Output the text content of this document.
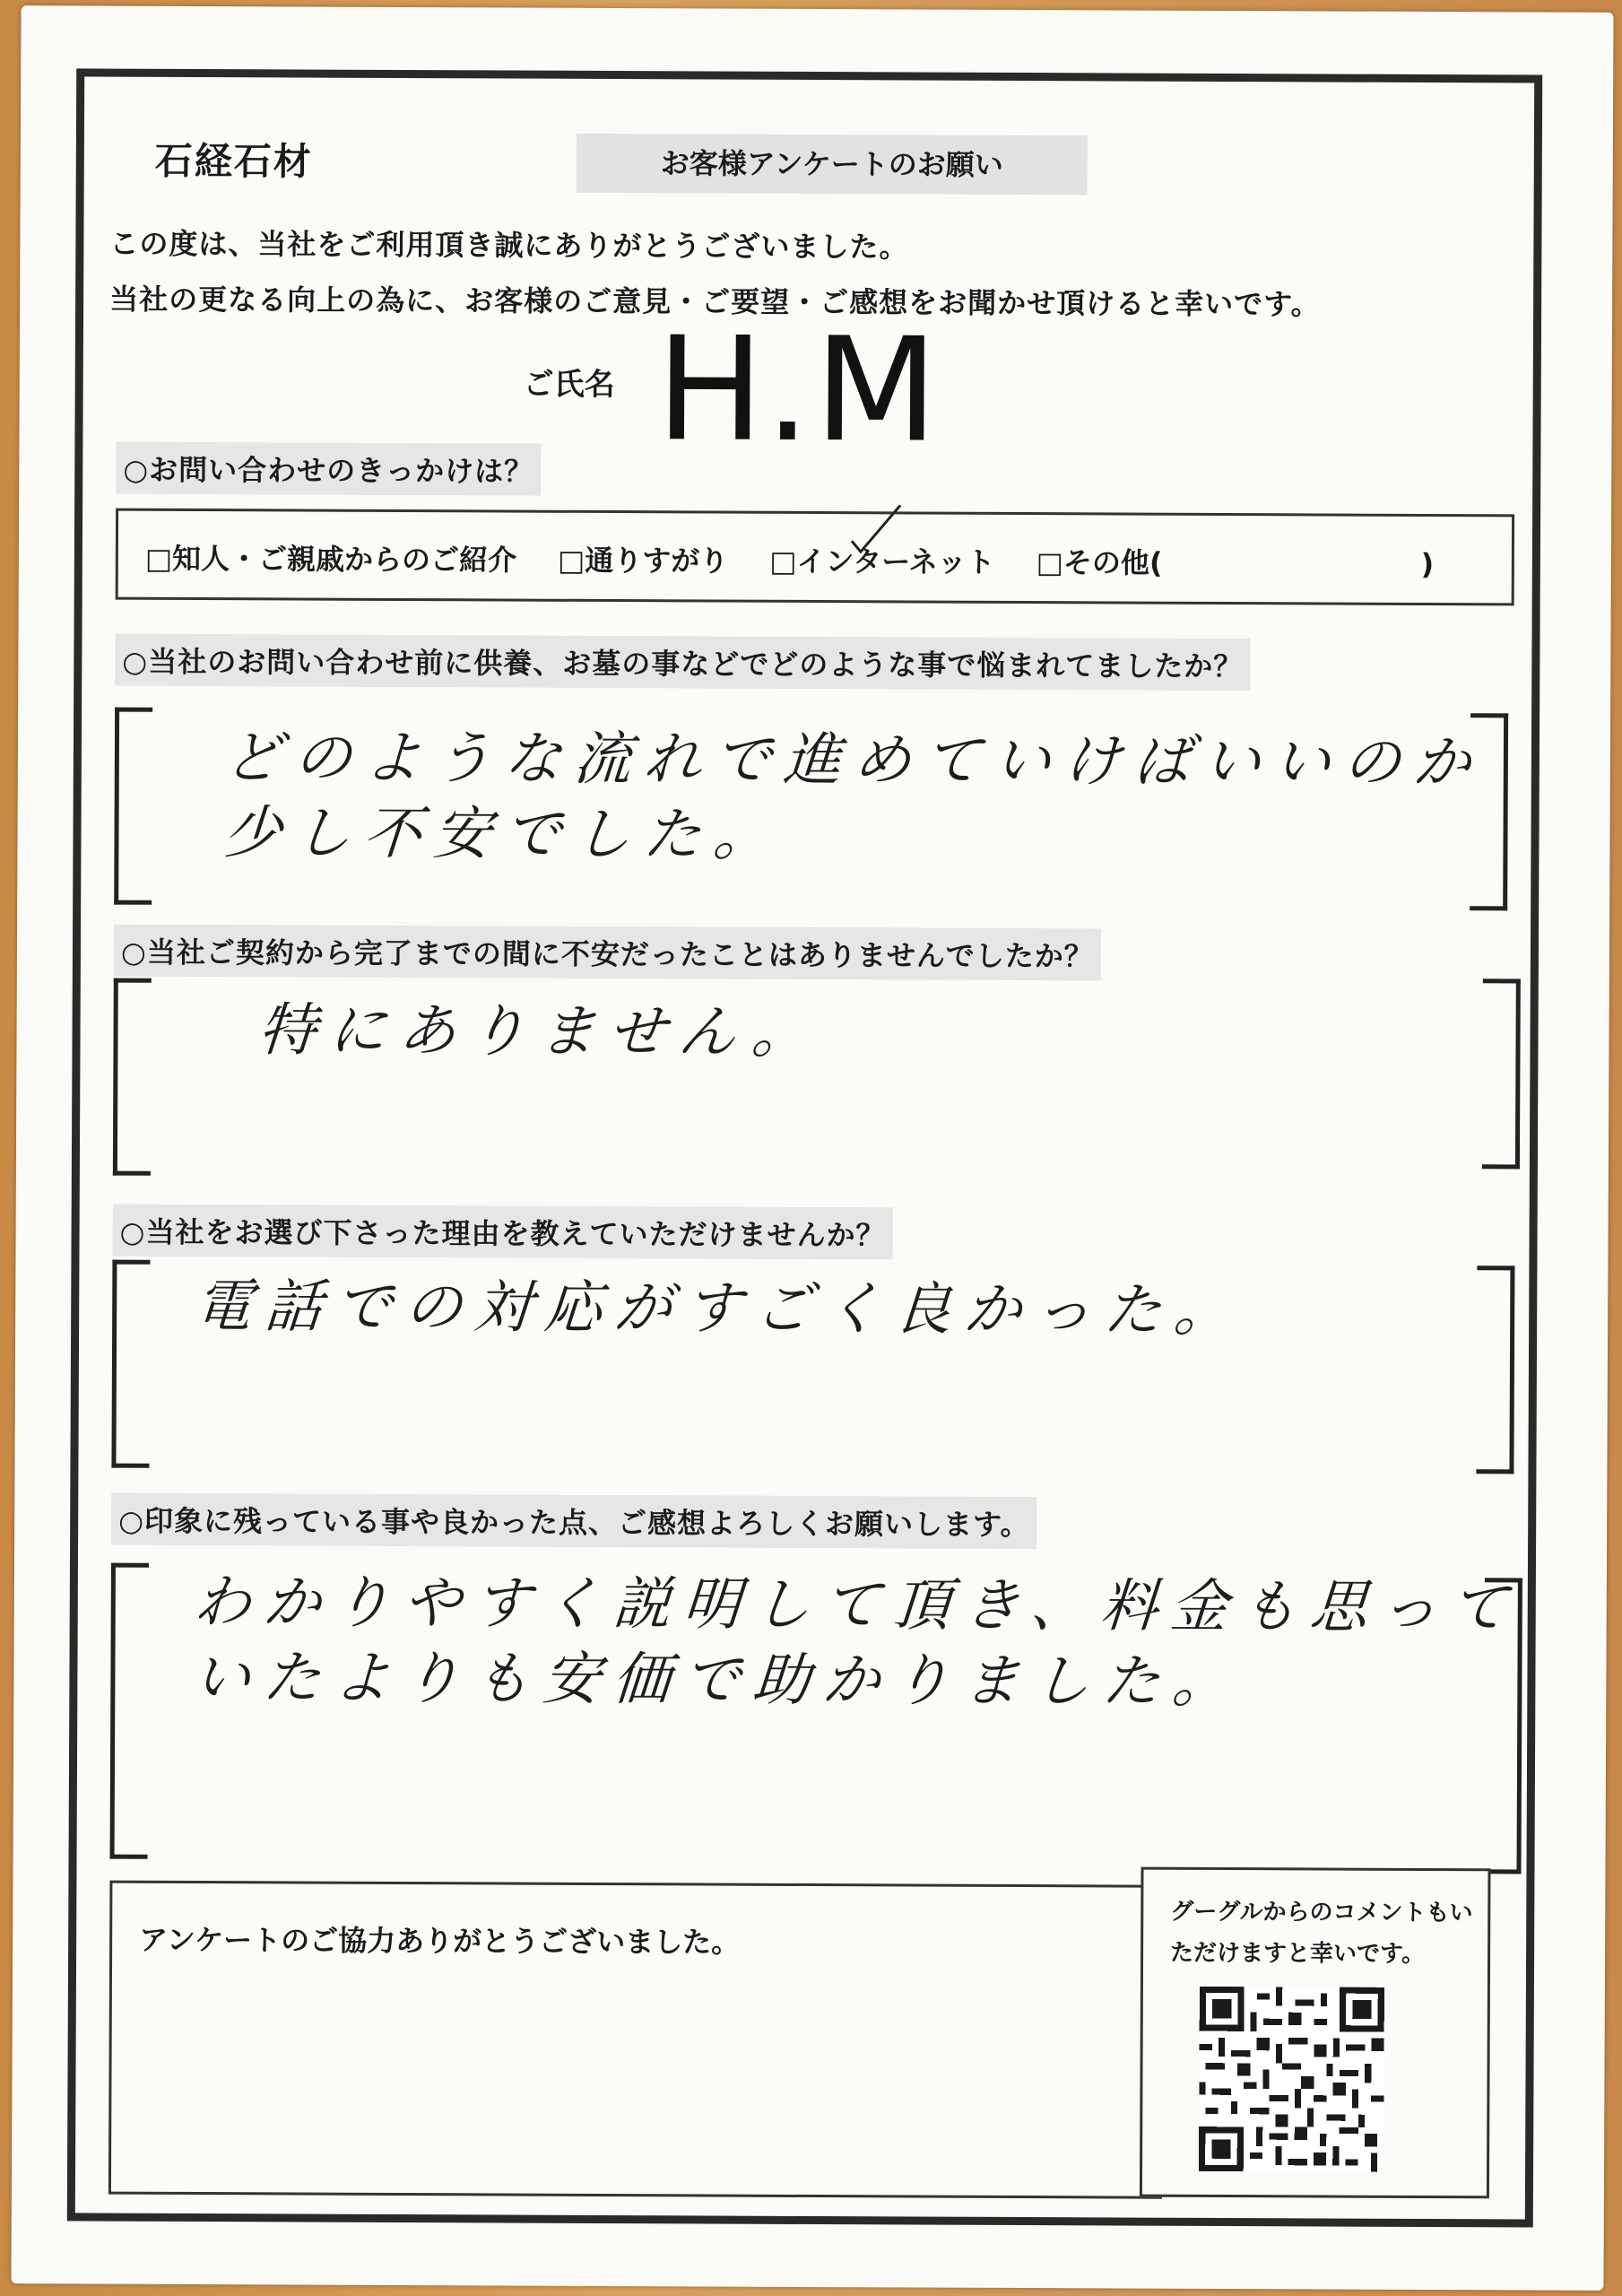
石経石材	お客様アンケートのお願い
この度は、当社をご利用頂き誠にありがとうございました。
当社の更なる向上の為に、お客様のご意見・ご要望・ご感想をお聞かせ頂けると幸いです。
ご氏名 H.M
○お問い合わせのきっかけは？
□知人・ご親戚からのご紹介 □通りすがり □インターネット □その他(　　　　　　　　　)
○当社のお問い合わせ前に供養、お墓の事などでどのような事で悩まれてましたか？
どのような流れで進めていけばいいのか
少し不安でした。
○当社ご契約から完了までの間に不安だったことはありませんでしたか？
特にありません。
○当社をお選び下さった理由を教えていただけませんか？
電話での対応がすごく良かった。
○印象に残っている事や良かった点、ご感想よろしくお願いします。
わかりやすく説明して頂き、料金も思って
いたよりも安価で助かりました。
アンケートのご協力ありがとうございました。
グーグルからのコメントもいただけますと幸いです。
